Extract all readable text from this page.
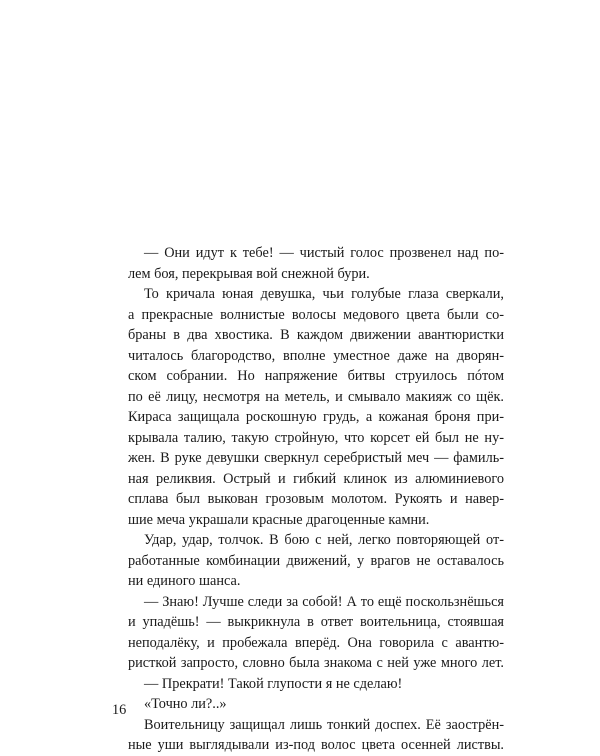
— Они идут к тебе! — чистый голос прозвенел над по-
лем боя, перекрывая вой снежной бури.
То кричала юная девушка, чьи голубые глаза сверкали,
а прекрасные волнистые волосы медового цвета были со-
браны в два хвостика. В каждом движении авантюристки
читалось благородство, вполне уместное даже на дворян-
ском собрании. Но напряжение битвы струилось пóтом
по её лицу, несмотря на метель, и смывало макияж со щёк.
Кираса защищала роскошную грудь, а кожаная броня при-
крывала талию, такую стройную, что корсет ей был не ну-
жен. В руке девушки сверкнул серебристый меч — фамиль-
ная реликвия. Острый и гибкий клинок из алюминиевого
сплава был выкован грозовым молотом. Рукоять и навер-
шие меча украшали красные драгоценные камни.
Удар, удар, толчок. В бою с ней, легко повторяющей от-
работанные комбинации движений, у врагов не оставалось
ни единого шанса.
— Знаю! Лучше следи за собой! А то ещё поскользнёшься
и упадёшь! — выкрикнула в ответ воительница, стоявшая
неподалёку, и пробежала вперёд. Она говорила с авантю-
ристкой запросто, словно была знакома с ней уже много лет.
— Прекрати! Такой глупости я не сделаю!
«Точно ли?..»
Воительницу защищал лишь тонкий доспех. Её заострён-
ные уши выглядывали из-под волос цвета осенней листвы.
16
